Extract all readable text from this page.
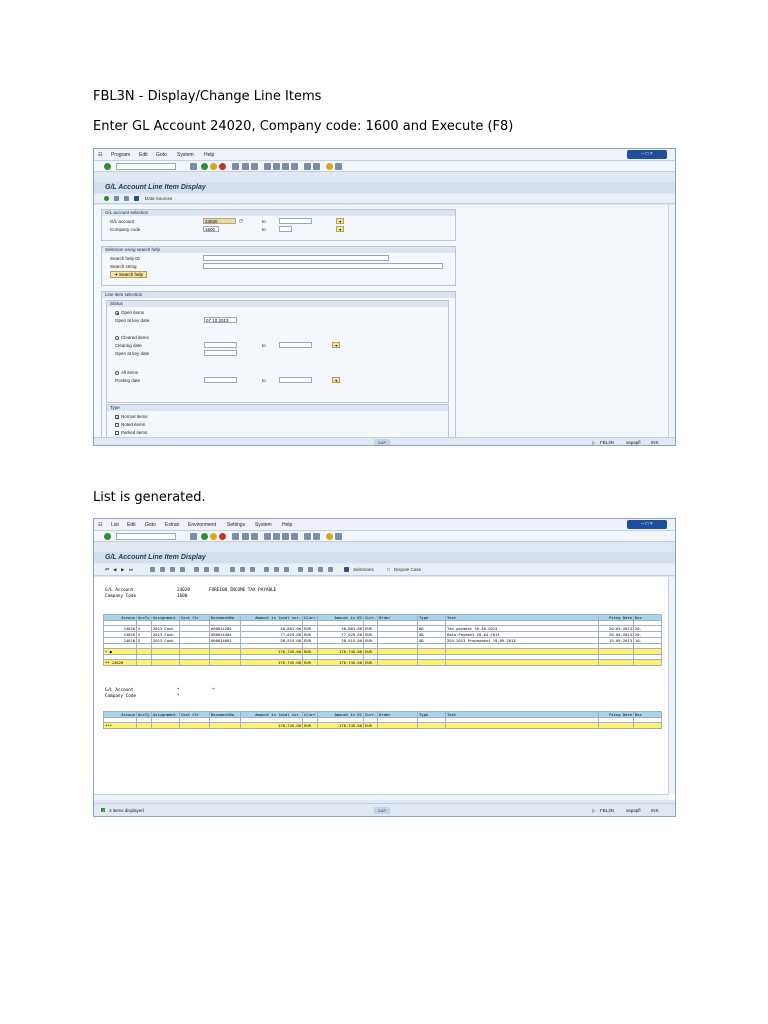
FBL3N - Display/Change Line Items
Enter GL Account 24020, Company code: 1600 and Execute (F8)
List is generated.
☷ Program Edit Goto System Help	– □ ×
G/L Account Line Item Display
Data Sources
G/L account selection
G/L account	24020	◷	to	➜
Company code	1600	to	➜
Selection using search help
Search help ID
Search string
➜ Search help
Line item selection
Status
Open items
Open at key date	07.10.2013
Cleared items
Clearing date	to	➜
Open at key date
All items
Posting date	to	➜
Type
✓ Normal items
Noted items
Parked items
SAP	▷ FBL3N	sapapfl INS
☷ List Edit Goto Extras Environment Settings System Help	– □ ×
G/L Account Line Item Display
⏮ ◀ ▶ ⏭	Selections	□ Dispute Case
G/L Account	24020	FOREIGN INCOME TAX PAYABLE
Company Code	1600
Accoun	AccTy	Assignment	Cost Ctr	DocumentNo	Amount in local cur.	LCurr	Amount in DC	Curr.	Order	Type	Text	Pstng Date	Doc

24020	S	2013 Cash		600014205	40,801.00	EUR	40,801.00	EUR		AD	Tax payment 20.30.2013	20.03.2013	20.
24020	S	2013 Cash		600014404	77,029.00	EUR	77,029.00	EUR		AB	Rata Payment 20.04.2013	20.04.2013	20.
24020	S	2013 Cash		600014601	58,915.00	EUR	58,915.00	EUR		AD	2Q4 2013 Prepayment 19.09.2013	19.09.2013	10.

• ●					176,745.00	EUR	176,745.00	EUR					

** 24020					176,745.00	EUR	176,745.00	EUR					
G/L Account	*	*
Company Code	*
Accoun	AccTy	Assignment	Cost Ctr	DocumentNo	Amount in local cur.	LCurr	Amount in DC	Curr.	Order	Type	Text	Pstng Date	Doc

***					176,745.00	EUR	176,745.00	EUR					
✓ 3 items displayed	SAP	▷ FBL3N	sapapfl INS
